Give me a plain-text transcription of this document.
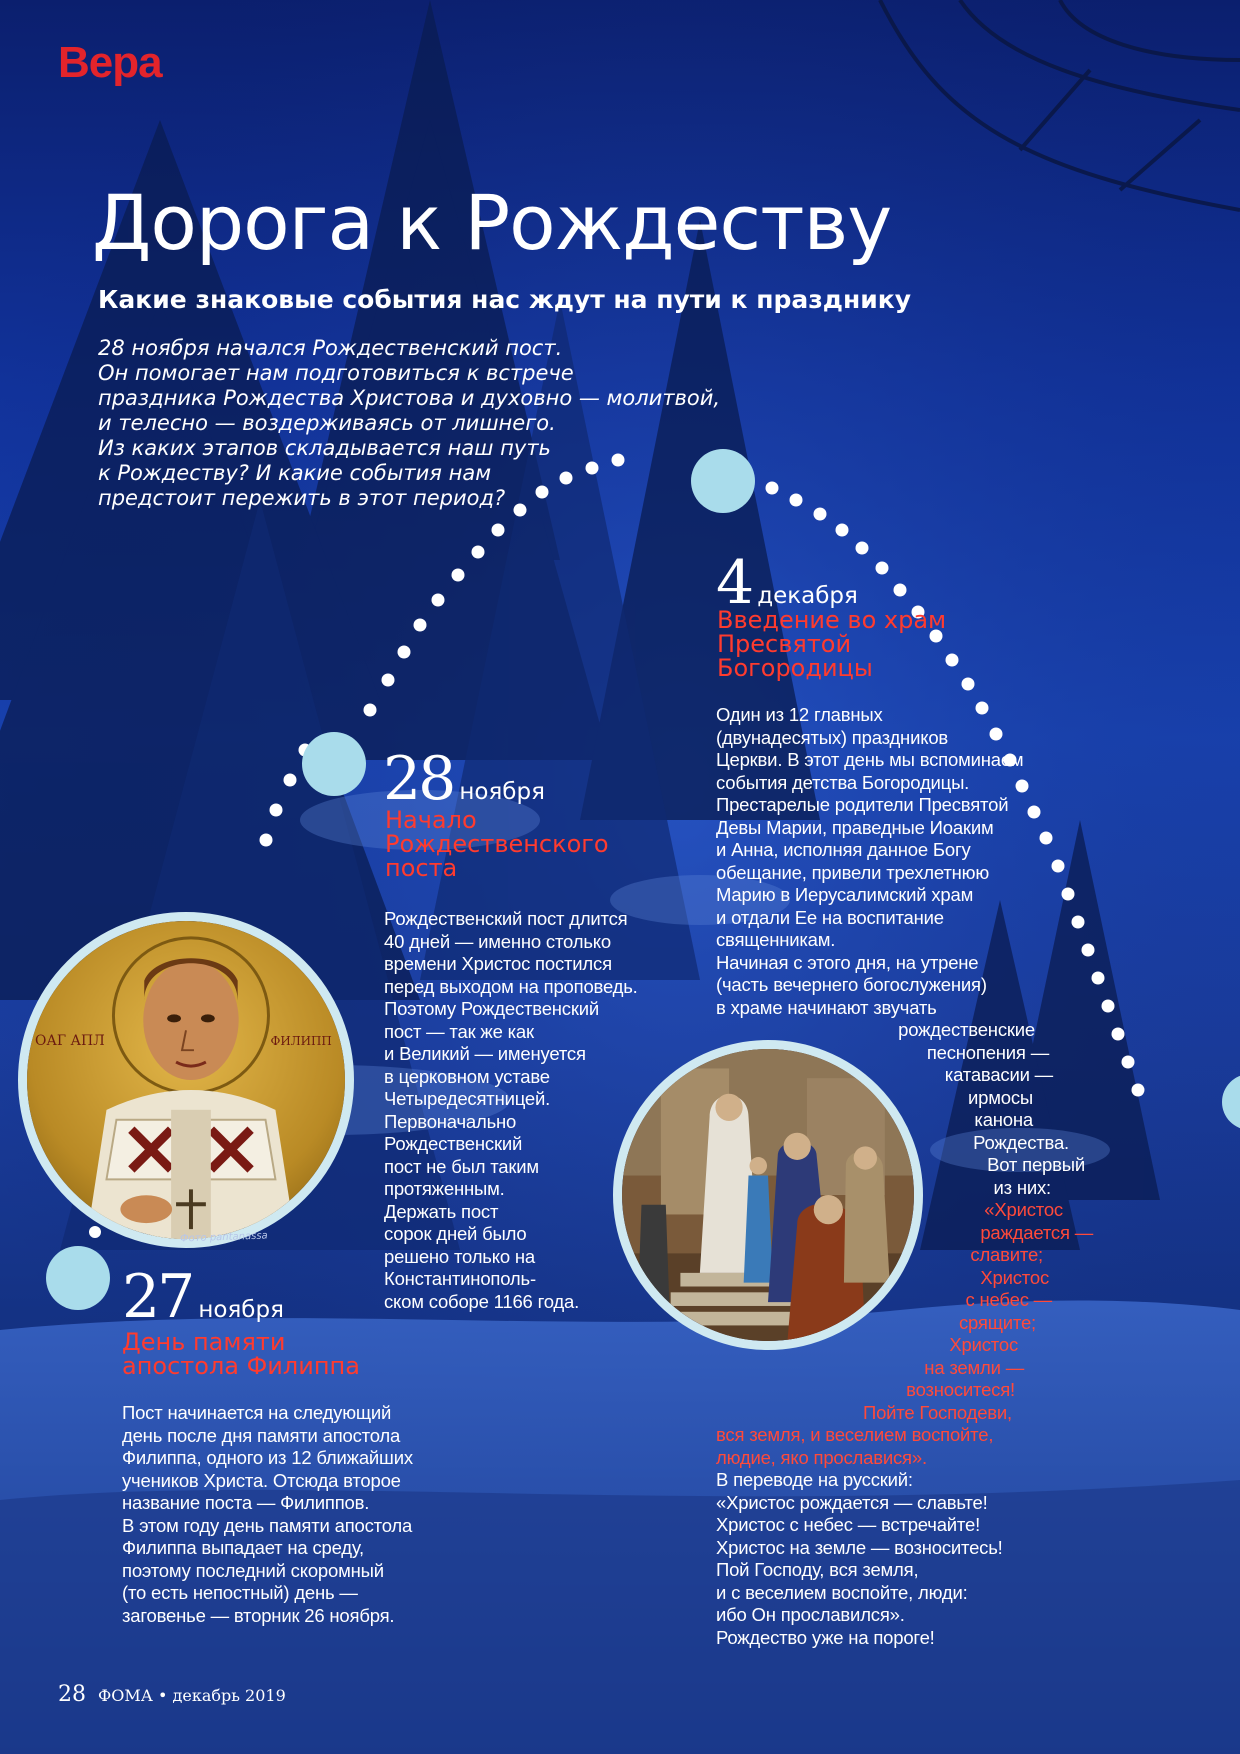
Вера
Дорога к Рождеству
Какие знаковые события нас ждут на пути к празднику

28 ноября начался Рождественский пост.

Он помогает нам подготовиться к встрече

праздника Рождества Христова и духовно — молитвой,

и телесно — воздерживаясь от лишнего.

Из каких этапов складывается наш путь

к Рождеству? И какие события нам

предстоит пережить в этот период?

ОАГ АПЛ	ФИЛИПП
Фото pantanassa
27 ноября
День памяти
апостола Филиппа

Пост начинается на следующий

день после дня памяти апостола

Филиппа, одного из 12 ближайших

учеников Христа. Отсюда второе

название поста — Филиппов.

В этом году день памяти апостола

Филиппа выпадает на среду,

поэтому последний скоромный

(то есть непостный) день —

заговенье — вторник 26 ноября.

28 ноября
Начало
Рождественского
поста

Рождественский пост длится

40 дней — именно столько

времени Христос постился

перед выходом на проповедь.

Поэтому Рождественский

пост — так же как

и Великий — именуется

в церковном уставе

Четыредесятницей.

Первоначально

Рождественский

пост не был таким

протяженным.

Держать пост

сорок дней было

решено только на

Константинополь-

ском соборе 1166 года.

4 декабря
Введение во храм
Пресвятой
Богородицы

Один из 12 главных

(двунадесятых) праздников

Церкви. В этот день мы вспоминаем

события детства Богородицы.

Престарелые родители Пресвятой

Девы Марии, праведные Иоаким

и Анна, исполняя данное Богу

обещание, привели трехлетнюю

Марию в Иерусалимский храм

и отдали Ее на воспитание

священникам.

Начиная с этого дня, на утрене

(часть вечернего богослужения)

в храме начинают звучать

рождественские

песнопения —

катавасии —

ирмосы

канона

Рождества.

Вот первый

из них:

«Христос

раждается —

славите;

Христос

с небес —

срящите;

Христос

на земли —

возноситеся!

Пойте Господеви,

вся земля, и веселием воспойте,

людие, яко прославися».

В переводе на русский:

«Христос рождается — славьте!

Христос с небес — встречайте!

Христос на земле — возноситесь!

Пой Господу, вся земля,

и с веселием воспойте, люди:

ибо Он прославился».

Рождество уже на пороге!

28 ФОМА • декабрь 2019
